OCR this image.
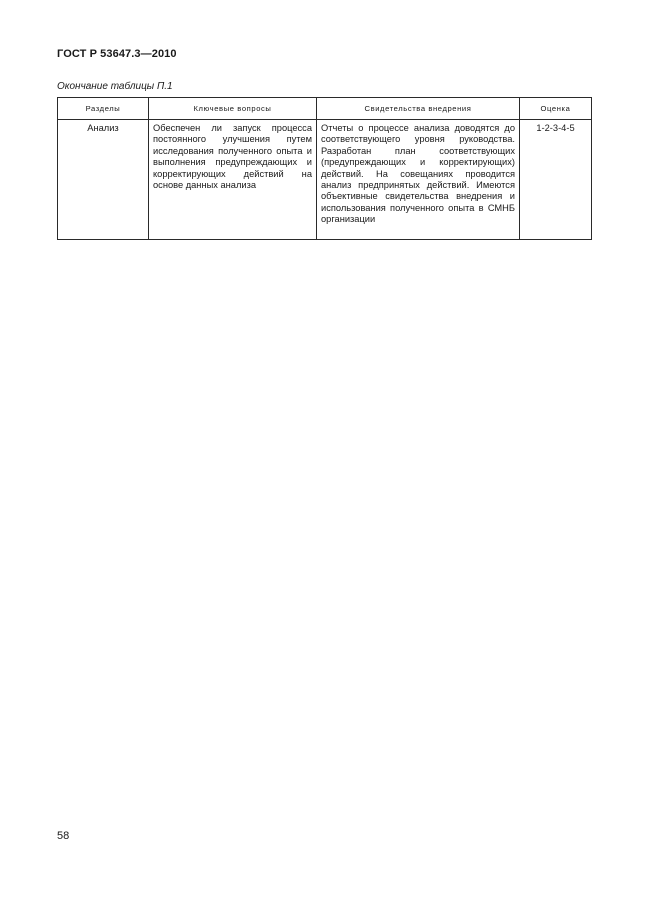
ГОСТ Р 53647.3—2010
Окончание таблицы П.1
Разделы	Ключевые вопросы	Свидетельства внедрения	Оценка
Анализ	Обеспечен ли запуск процесса постоянного улучшения путем исследования полученного опыта и выполнения предупреждающих и корректирующих действий на основе данных анализа	Отчеты о процессе анализа доводятся до соответствующего уровня руководства. Разработан план соответствующих (предупреждающих и корректирующих) действий. На совещаниях проводится анализ предпринятых действий. Имеются объективные свидетельства внедрения и использования полученного опыта в СМНБ организации	1-2-3-4-5
58
